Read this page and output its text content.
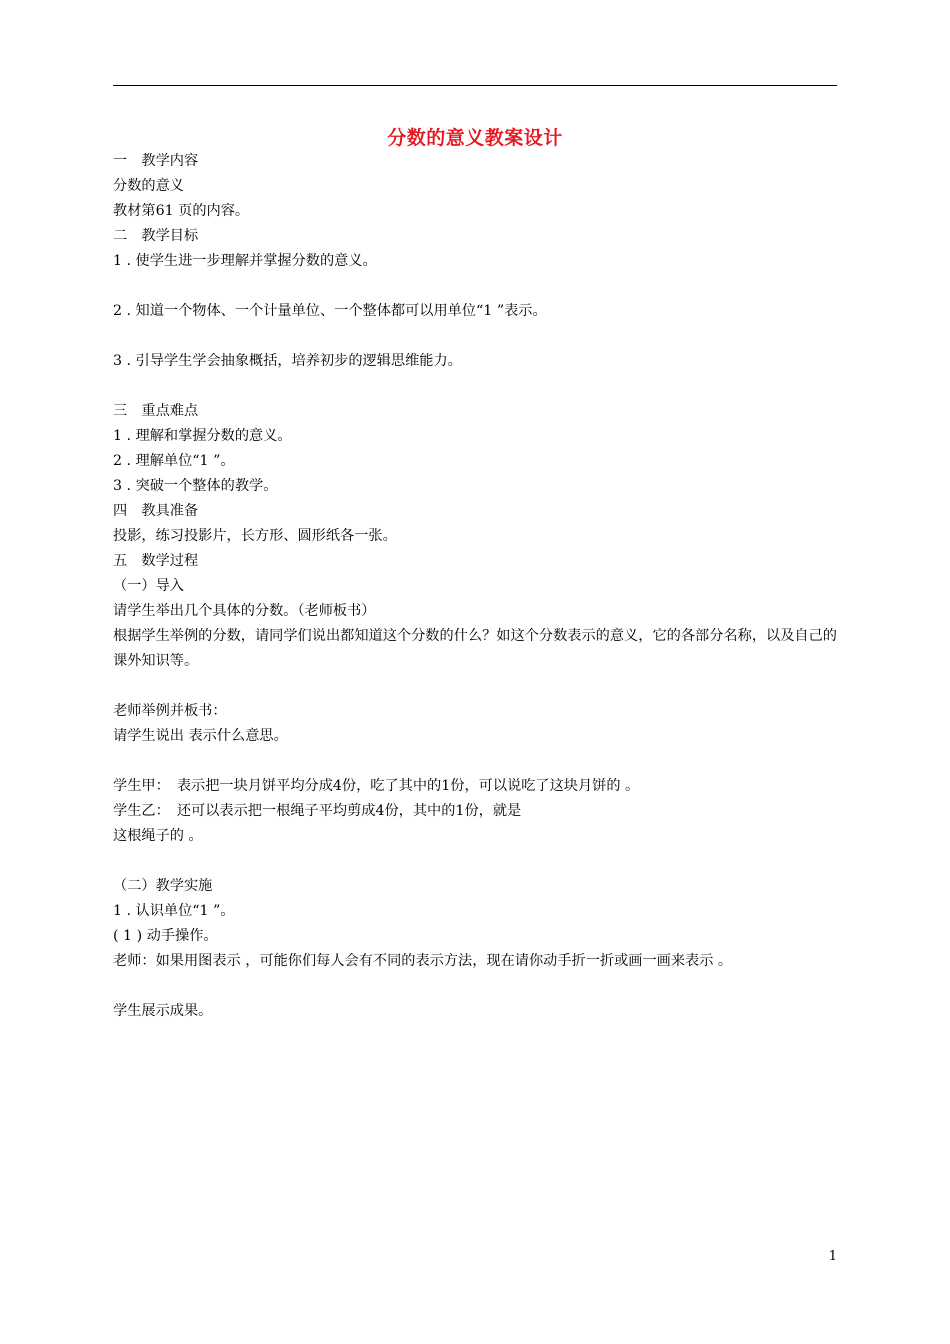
分数的意义教案设计
一　教学内容
分数的意义
教材第61 页的内容。
二　教学目标
1 . 使学生进一步理解并掌握分数的意义。
2 . 知道一个物体、一个计量单位、一个整体都可以用单位“1 ”表示。
3 . 引导学生学会抽象概括，培养初步的逻辑思维能力。
三　重点难点
1 . 理解和掌握分数的意义。
2 . 理解单位“1 ”。
3 . 突破一个整体的教学。
四　教具准备
投影，练习投影片，长方形、圆形纸各一张。
五　数学过程
（一）导入
请学生举出几个具体的分数。（老师板书）
根据学生举例的分数，请同学们说出都知道这个分数的什么？如这个分数表示的意义，它的各部分名称，以及自己的课外知识等。
老师举例并板书：
请学生说出 表示什么意思。
学生甲：　表示把一块月饼平均分成4份，吃了其中的1份，可以说吃了这块月饼的 。
学生乙：　还可以表示把一根绳子平均剪成4份，其中的1份，就是
这根绳子的 。
（二）教学实施
1 . 认识单位“1 ”。
( 1 ) 动手操作。
老师：如果用图表示 ，可能你们每人会有不同的表示方法，现在请你动手折一折或画一画来表示 。
学生展示成果。
1
